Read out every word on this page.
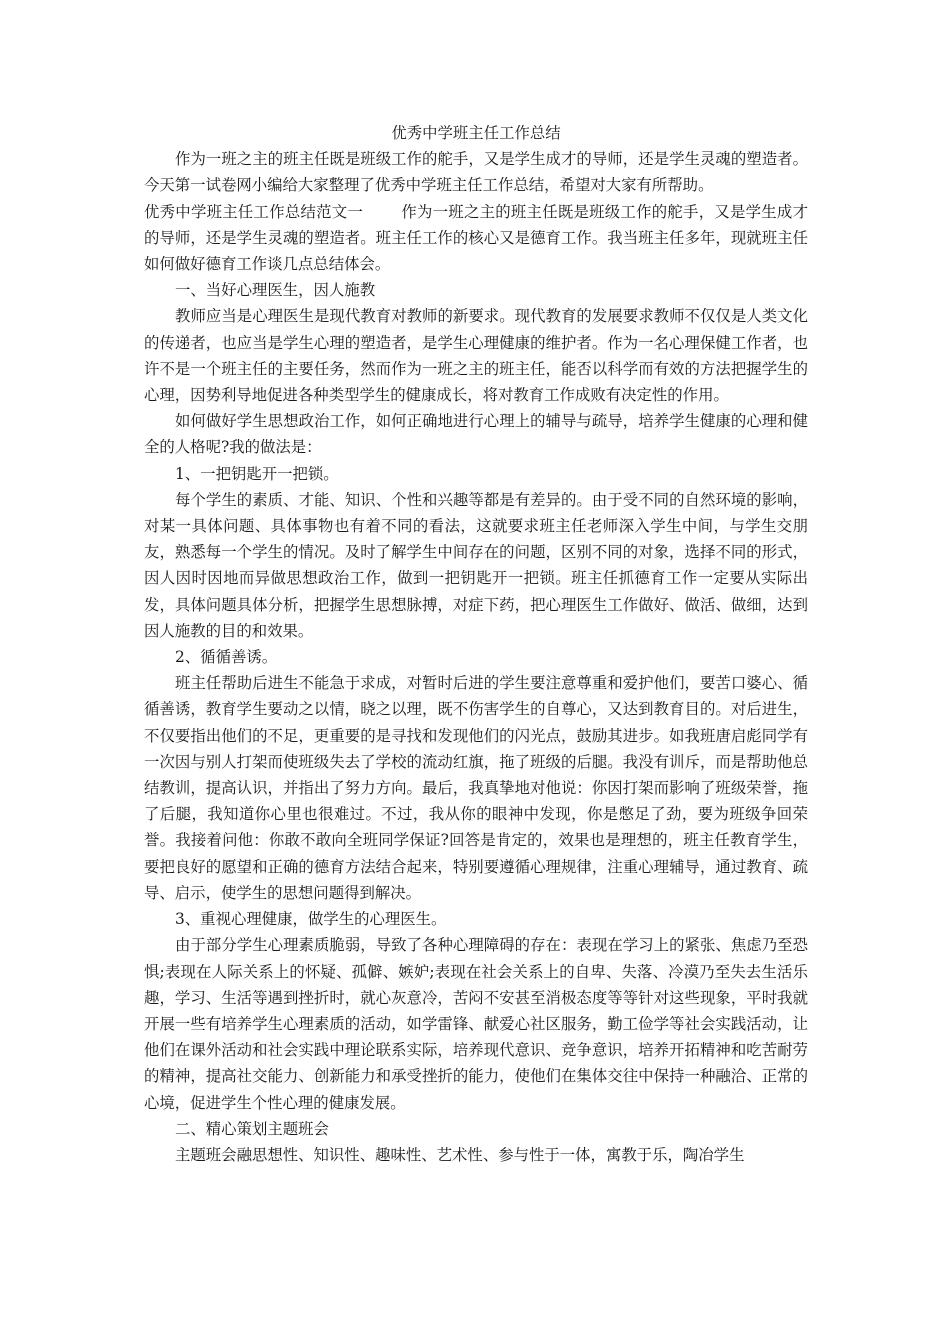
优秀中学班主任工作总结

作为一班之主的班主任既是班级工作的舵手，又是学生成才的导师，还是学生灵魂的塑造者。今天第一试卷网小编给大家整理了优秀中学班主任工作总结，希望对大家有所帮助。

优秀中学班主任工作总结范文一 作为一班之主的班主任既是班级工作的舵手，又是学生成才的导师，还是学生灵魂的塑造者。班主任工作的核心又是德育工作。我当班主任多年，现就班主任如何做好德育工作谈几点总结体会。

一、当好心理医生，因人施教

教师应当是心理医生是现代教育对教师的新要求。现代教育的发展要求教师不仅仅是人类文化的传递者，也应当是学生心理的塑造者，是学生心理健康的维护者。作为一名心理保健工作者，也许不是一个班主任的主要任务，然而作为一班之主的班主任，能否以科学而有效的方法把握学生的心理，因势利导地促进各种类型学生的健康成长，将对教育工作成败有决定性的作用。

如何做好学生思想政治工作，如何正确地进行心理上的辅导与疏导，培养学生健康的心理和健全的人格呢?我的做法是：

1、一把钥匙开一把锁。

每个学生的素质、才能、知识、个性和兴趣等都是有差异的。由于受不同的自然环境的影响，对某一具体问题、具体事物也有着不同的看法，这就要求班主任老师深入学生中间，与学生交朋友，熟悉每一个学生的情况。及时了解学生中间存在的问题，区别不同的对象，选择不同的形式，因人因时因地而异做思想政治工作，做到一把钥匙开一把锁。班主任抓德育工作一定要从实际出发，具体问题具体分析，把握学生思想脉搏，对症下药，把心理医生工作做好、做活、做细，达到因人施教的目的和效果。

2、循循善诱。

班主任帮助后进生不能急于求成，对暂时后进的学生要注意尊重和爱护他们，要苦口婆心、循循善诱，教育学生要动之以情，晓之以理，既不伤害学生的自尊心，又达到教育目的。对后进生，不仅要指出他们的不足，更重要的是寻找和发现他们的闪光点，鼓励其进步。如我班唐启彪同学有一次因与别人打架而使班级失去了学校的流动红旗，拖了班级的后腿。我没有训斥，而是帮助他总结教训，提高认识，并指出了努力方向。最后，我真挚地对他说：你因打架而影响了班级荣誉，拖了后腿，我知道你心里也很难过。不过，我从你的眼神中发现，你是憋足了劲，要为班级争回荣誉。我接着问他：你敢不敢向全班同学保证?回答是肯定的，效果也是理想的，班主任教育学生，要把良好的愿望和正确的德育方法结合起来，特别要遵循心理规律，注重心理辅导，通过教育、疏导、启示，使学生的思想问题得到解决。

3、重视心理健康，做学生的心理医生。

由于部分学生心理素质脆弱，导致了各种心理障碍的存在：表现在学习上的紧张、焦虑乃至恐惧;表现在人际关系上的怀疑、孤僻、嫉妒;表现在社会关系上的自卑、失落、冷漠乃至失去生活乐趣，学习、生活等遇到挫折时，就心灰意冷，苦闷不安甚至消极态度等等针对这些现象，平时我就开展一些有培养学生心理素质的活动，如学雷锋、献爱心社区服务，勤工俭学等社会实践活动，让他们在课外活动和社会实践中理论联系实际，培养现代意识、竞争意识，培养开拓精神和吃苦耐劳的精神，提高社交能力、创新能力和承受挫折的能力，使他们在集体交往中保持一种融洽、正常的心境，促进学生个性心理的健康发展。

二、精心策划主题班会

主题班会融思想性、知识性、趣味性、艺术性、参与性于一体，寓教于乐，陶冶学生
